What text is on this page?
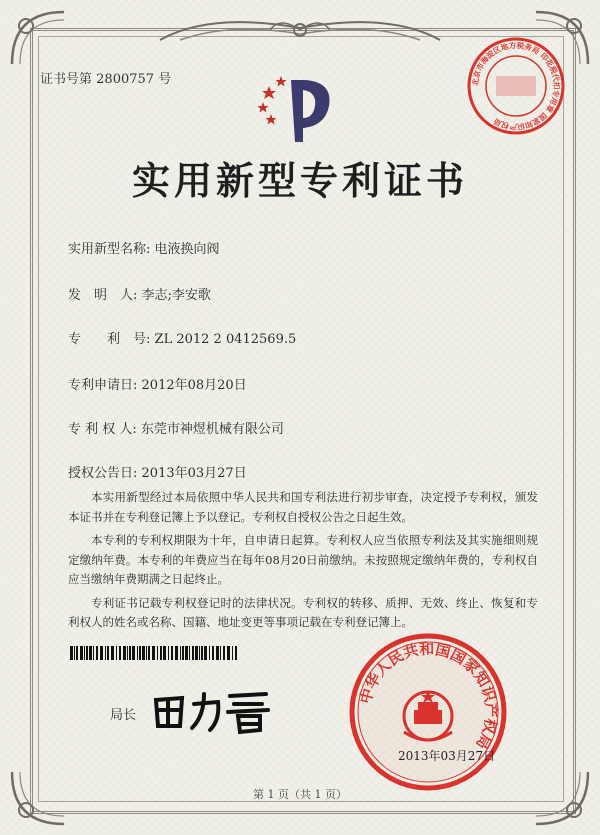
证书号第 2800757 号
实用新型专利证书
实用新型名称: 电液换向阀
发　明　人: 李志;李安歌
专　　利　号: ZL 2012 2 0412569.5
专利申请日: 2012年08月20日
专 利 权 人: 东莞市神煜机械有限公司
授权公告日: 2013年03月27日

本实用新型经过本局依照中华人民共和国专利法进行初步审查，决定授予专利权，颁发本证书并在专利登记簿上予以登记。专利权自授权公告之日起生效。

本专利的专利权期限为十年，自申请日起算。专利权人应当依照专利法及其实施细则规定缴纳年费。本专利的年费应当在每年08月20日前缴纳。未按照规定缴纳年费的，专利权自应当缴纳年费期满之日起终止。

专利证书记载专利权登记时的法律状况。专利权的转移、质押、无效、终止、恢复和专利权人的姓名或名称、国籍、地址变更等事项记载在专利登记簿上。

局长
中华人民共和国国家知识产权局
2013年03月27日
北京市海淀区地方税务局 印花税代扣专用章 国家知识产权局
第 1 页（共 1 页）
